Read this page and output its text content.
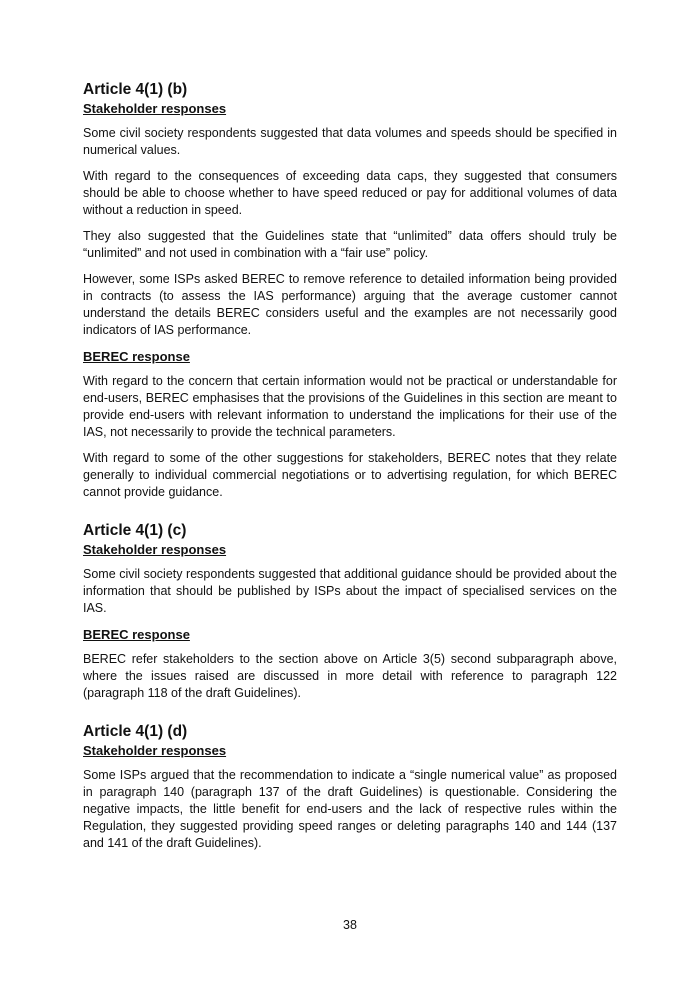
Article 4(1) (b)
Stakeholder responses

Some civil society respondents suggested that data volumes and speeds should be specified in numerical values.

With regard to the consequences of exceeding data caps, they suggested that consumers should be able to choose whether to have speed reduced or pay for additional volumes of data without a reduction in speed.

They also suggested that the Guidelines state that “unlimited” data offers should truly be “unlimited” and not used in combination with a “fair use” policy.

However, some ISPs asked BEREC to remove reference to detailed information being provided in contracts (to assess the IAS performance) arguing that the average customer cannot understand the details BEREC considers useful and the examples are not necessarily good indicators of IAS performance.

BEREC response

With regard to the concern that certain information would not be practical or understandable for end-users, BEREC emphasises that the provisions of the Guidelines in this section are meant to provide end-users with relevant information to understand the implications for their use of the IAS, not necessarily to provide the technical parameters.

With regard to some of the other suggestions for stakeholders, BEREC notes that they relate generally to individual commercial negotiations or to advertising regulation, for which BEREC cannot provide guidance.

Article 4(1) (c)
Stakeholder responses

Some civil society respondents suggested that additional guidance should be provided about the information that should be published by ISPs about the impact of specialised services on the IAS.

BEREC response

BEREC refer stakeholders to the section above on Article 3(5) second subparagraph above, where the issues raised are discussed in more detail with reference to paragraph 122 (paragraph 118 of the draft Guidelines).

Article 4(1) (d)
Stakeholder responses

Some ISPs argued that the recommendation to indicate a “single numerical value” as proposed in paragraph 140 (paragraph 137 of the draft Guidelines) is questionable. Considering the negative impacts, the little benefit for end-users and the lack of respective rules within the Regulation, they suggested providing speed ranges or deleting paragraphs 140 and 144 (137 and 141 of the draft Guidelines).

38
